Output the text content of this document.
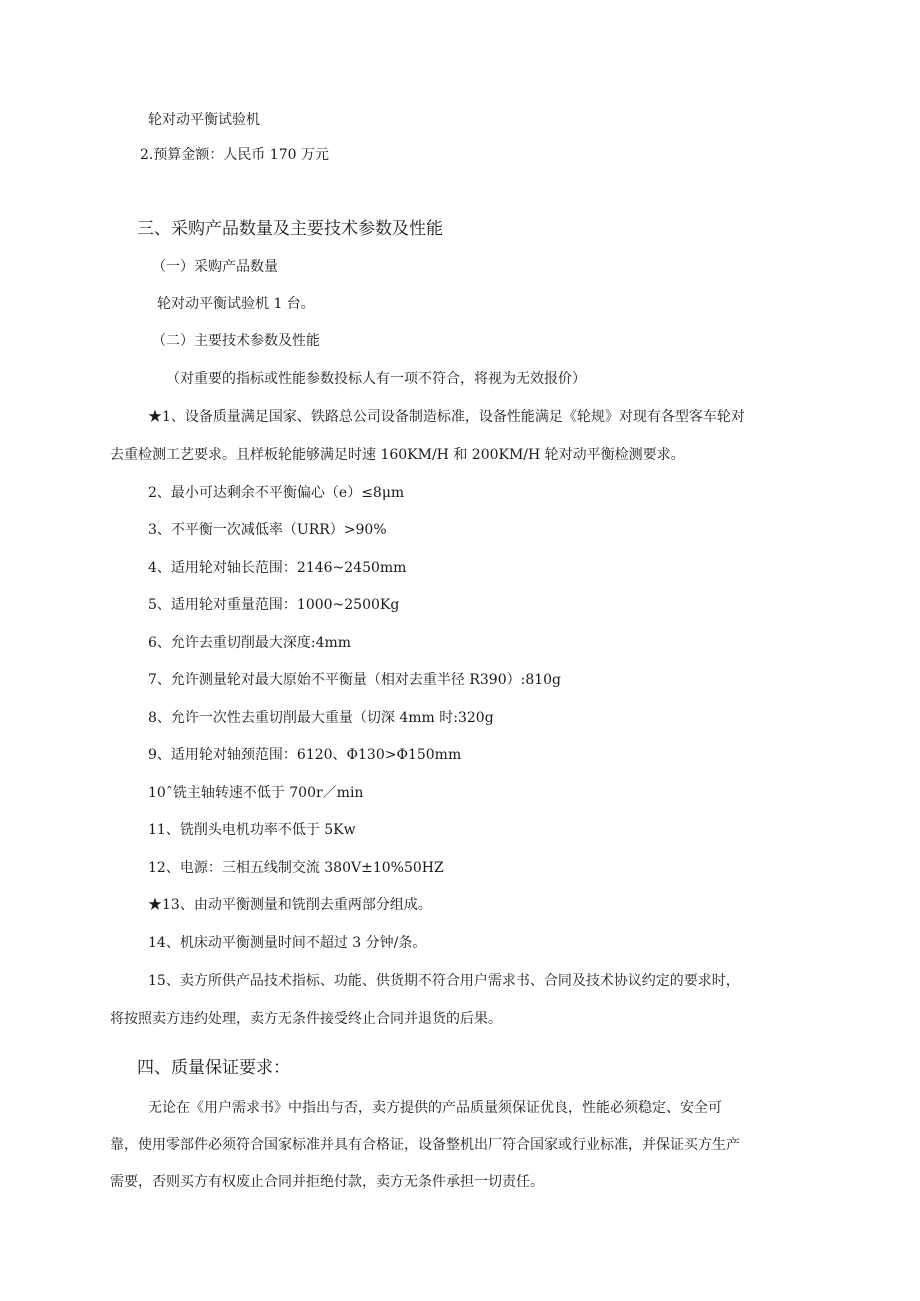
轮对动平衡试验机
2.预算金额：人民币 170 万元
三、采购产品数量及主要技术参数及性能
（一）采购产品数量
轮对动平衡试验机 1 台。
（二）主要技术参数及性能
（对重要的指标或性能参数投标人有一项不符合，将视为无效报价）
★1、设备质量满足国家、铁路总公司设备制造标准，设备性能满足《轮规》对现有各型客车轮对
去重检测工艺要求。且样板轮能够满足时速 160KM/H 和 200KM/H 轮对动平衡检测要求。
2、最小可达剩余不平衡偏心（e）≤8μm
3、不平衡一次减低率（URR）>90%
4、适用轮对轴长范围：2146~2450mm
5、适用轮对重量范围：1000~2500Kg
6、允许去重切削最大深度:4mm
7、允许测量轮对最大原始不平衡量（相对去重半径 R390）:810g
8、允许一次性去重切削最大重量（切深 4mm 时:320g
9、适用轮对轴颈范围：6120、Φ130>Φ150mm
10ˆ铣主轴转速不低于 700r／min
11、铣削头电机功率不低于 5Kw
12、电源：三相五线制交流 380V±10%50HZ
★13、由动平衡测量和铣削去重两部分组成。
14、机床动平衡测量时间不超过 3 分钟/条。
15、卖方所供产品技术指标、功能、供货期不符合用户需求书、合同及技术协议约定的要求时，
将按照卖方违约处理，卖方无条件接受终止合同并退货的后果。
四、质量保证要求：
无论在《用户需求书》中指出与否，卖方提供的产品质量须保证优良，性能必须稳定、安全可
靠，使用零部件必须符合国家标准并具有合格证，设备整机出厂符合国家或行业标准，并保证买方生产
需要，否则买方有权废止合同并拒绝付款，卖方无条件承担一切责任。
